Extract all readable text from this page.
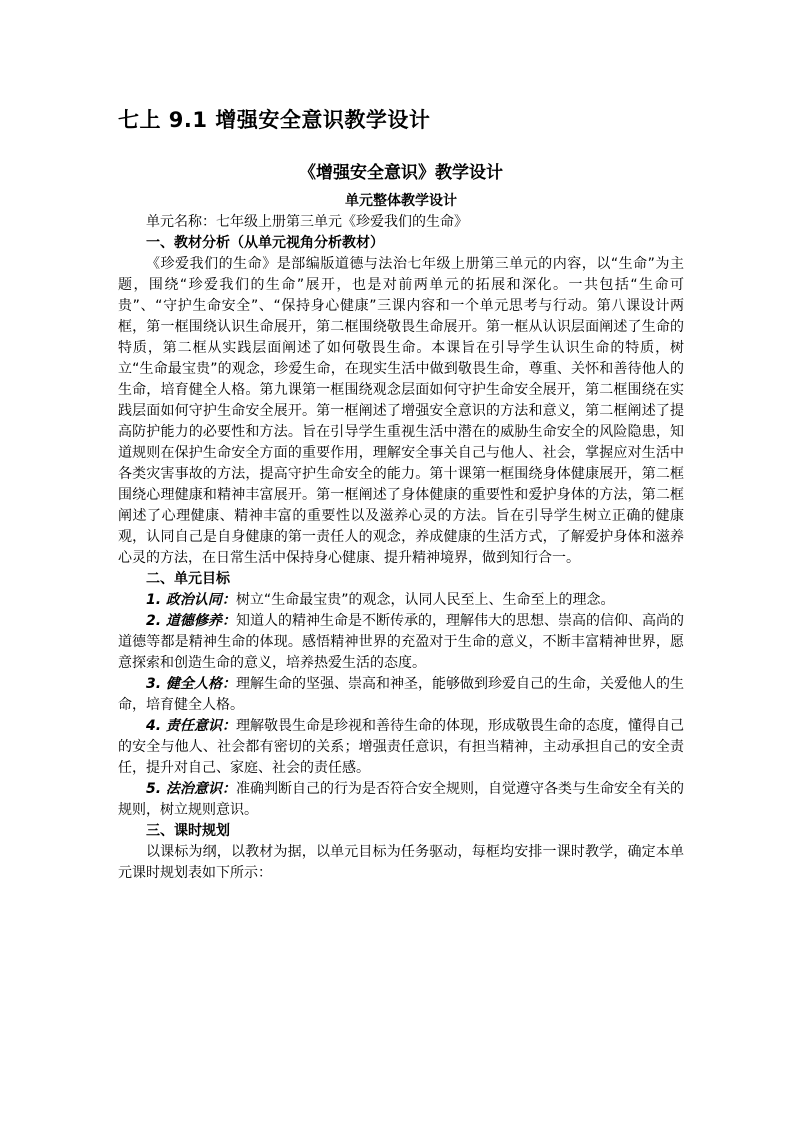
七上 9.1 增强安全意识教学设计
《增强安全意识》教学设计
单元整体教学设计

单元名称：七年级上册第三单元《珍爱我们的生命》

一、教材分析（从单元视角分析教材）

《珍爱我们的生命》是部编版道德与法治七年级上册第三单元的内容，以“生命”为主题，围绕“珍爱我们的生命”展开，也是对前两单元的拓展和深化。一共包括“生命可贵”、“守护生命安全”、“保持身心健康”三课内容和一个单元思考与行动。第八课设计两框，第一框围绕认识生命展开，第二框围绕敬畏生命展开。第一框从认识层面阐述了生命的特质，第二框从实践层面阐述了如何敬畏生命。本课旨在引导学生认识生命的特质，树立“生命最宝贵”的观念，珍爱生命，在现实生活中做到敬畏生命，尊重、关怀和善待他人的生命，培育健全人格。第九课第一框围绕观念层面如何守护生命安全展开，第二框围绕在实践层面如何守护生命安全展开。第一框阐述了增强安全意识的方法和意义，第二框阐述了提高防护能力的必要性和方法。旨在引导学生重视生活中潜在的威胁生命安全的风险隐患，知道规则在保护生命安全方面的重要作用，理解安全事关自己与他人、社会，掌握应对生活中各类灾害事故的方法，提高守护生命安全的能力。第十课第一框围绕身体健康展开，第二框围绕心理健康和精神丰富展开。第一框阐述了身体健康的重要性和爱护身体的方法，第二框阐述了心理健康、精神丰富的重要性以及滋养心灵的方法。旨在引导学生树立正确的健康观，认同自己是自身健康的第一责任人的观念，养成健康的生活方式，了解爱护身体和滋养心灵的方法，在日常生活中保持身心健康、提升精神境界，做到知行合一。

二、单元目标

1. 政治认同：树立“生命最宝贵”的观念，认同人民至上、生命至上的理念。

2. 道德修养：知道人的精神生命是不断传承的，理解伟大的思想、崇高的信仰、高尚的道德等都是精神生命的体现。感悟精神世界的充盈对于生命的意义，不断丰富精神世界，愿意探索和创造生命的意义，培养热爱生活的态度。

3. 健全人格：理解生命的坚强、崇高和神圣，能够做到珍爱自己的生命，关爱他人的生命，培育健全人格。

4. 责任意识：理解敬畏生命是珍视和善待生命的体现，形成敬畏生命的态度，懂得自己的安全与他人、社会都有密切的关系；增强责任意识，有担当精神，主动承担自己的安全责任，提升对自己、家庭、社会的责任感。

5. 法治意识：准确判断自己的行为是否符合安全规则，自觉遵守各类与生命安全有关的规则，树立规则意识。

三、课时规划

以课标为纲，以教材为据，以单元目标为任务驱动，每框均安排一课时教学，确定本单元课时规划表如下所示：
